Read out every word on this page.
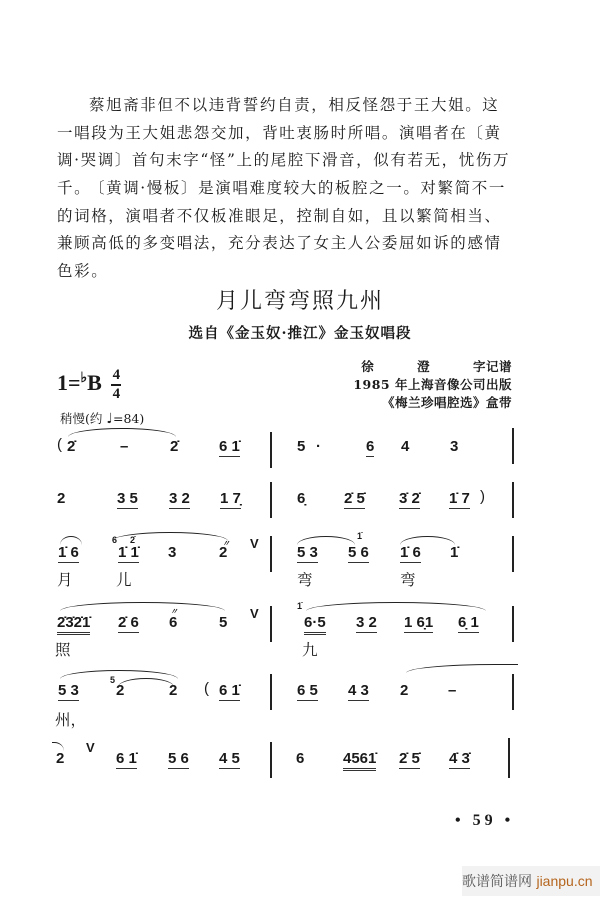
蔡旭斋非但不以违背誓约自责，相反怪怨于王大姐。这一唱段为王大姐悲怨交加，背吐衷肠时所唱。演唱者在〔黄调·哭调〕首句末字“怪”上的尾腔下滑音，似有若无，忧伤万千。
〔黄调·慢板〕是演唱难度较大的板腔之一。对繁简不一的词格，演唱者不仅板准眼足，控制自如，且以繁简相当、兼顾高低的多变唱法，充分表达了女主人公委屈如诉的感情色彩。
月儿弯弯照九州
选自《金玉奴·推江》金玉奴唱段
$1=^♭B \frac{4}{4}$
徐 澄 字记谱
1985 年上海音像公司出版
《梅兰珍唱腔选》盒带
稍慢(约 ♩=84)
( 2̇	–	2̇	6 1̇	5 ·	6 4	3
2	3 5 3 2 1 7̣	6̣	2̇ 5̇ 3̇ 2̇ 1̇ 7 )
6 2̇	〃 V
1̇ 6	1̇ 1̇ 3	2
1̇
5 3 5 6 1̇ 6 1̇
月	儿	弯	弯
〃	V
2̇3̇2̇1̇ 2̇ 6 6	5
1̇
6·5 3 2 1 6̣1 6̣ 1
照	九
5
5 3 2	2 ( 6 1̇	6 5 4 3 2	–
州，
V
2	6 1̇ 5 6 4 5	6	4561̇ 2̇ 5̇ 4̇ 3̇
• 59 •
歌谱简谱网 jianpu.cn
